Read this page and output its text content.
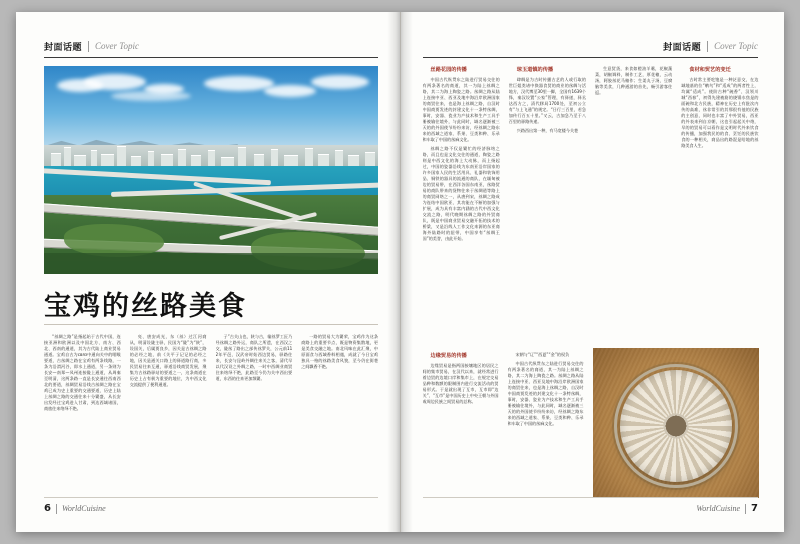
封面话题 Cover Topic
宝鸡的丝路美食

“丝绸之路”是指起始于古代中国，连接亚洲和欧洲以及中国北方、南方、西北、西南的通道，其为古代陆上商业贸易通道。宝鸡自古为связ中通向关中的咽喉要道，古丝绸之路在宝鸡有两条线路，一条为沿渭河谷，即水上通道，另一条则为长安—南郑—凤州连接陇上通道，从周秦至明清，这两条路一直是长安通往西南西北的要道，丝绸贸易沿线古丝绸之路在宝鸡已成为史上重要的交通要道，历史上陆上丝绸之路的交通往来十分繁盛，从长安出发经过宝鸡进入甘肃，到达西域诸国，商旅往来络绎不绝。

亮、唐安成光，东（丝）过江河商从，明清设陇主驿，民国为“陇”为“陕”，设国关，后属贾良乡，因关是古丝绸之路的必经之地，前《关平子记记的必经之地，因关是通关口路上的驿道路行商，多民贸易往来互通，驿道沿线商贸发展，聚集为古丝路驿站的要道之一，这条商道在历史上占有极为重要的地位，为中西文化交流提供了便利通道。

子”古关山也，陕与古，输丝罗工匠乃经丝绸之路外运，商队之所遗，在西汉之交，陇丝了路出之部传丝罗关，公元前112年平邑，汉武帝时始西边贸易，驿路往来，长安与昆岭外绸往来关之客，清代早以代汉设之外绸之路，一时中西绸业商贸往来络绎不绝，此路至今仍为关中西出要道，东西的往来更加频繁。

一路的贸易大为繁荣，宝鸡作为这条商路上的重要节点，既是物资集散地，更是美食交融之地。南北风味在此汇聚，中原面食与西域香料相遇，成就了今日宝鸡独具一格的丝路美食风貌，至今仍在街巷之间飘香不绝。

6 WorldCuisine
封面话题 Cover Topic

丝路花园的传播

中国古代纵贯东之陆进行贸易交往的有两条著名的商道，其一为陆上丝绸之路，其二为海上陶瓷之路。丝绸之路从陆上连接中亚、西亚及地中海沿岸欧洲国家的商贸往来，也是海上丝绸之路，自汉时中国商贾发迹的封建文化十一条特丝绸，事时，安器、瓷业为产技术和生产工具手册被输往境外，与此同时，域名逐渐被三天的的外国使节纷纷来访，经丝绸之路东来的西域之道家、系果、豆类和种、乐录和车取了中国的丝麻文化。

丝绸之路不仅是繁忙的经济脉络之路，而且也是文化交往的通道，陶瓷之路则是中西文化的海上大动脉，而上扬起过，中国的瓷器沿线为东南亚沿岸国家的许多国家人民的生活用具、礼器和装饰用品、铜铁的器具的流通的商队，在缅甸被边的贸易带，在西洋各国东南亚，丝路贸易的商队带来的货物往来于丝绸道等路上的商贸网络之一，从唐到宋，丝绸之路成为连结中国欧亚、其功能在不断的加强与扩展，成为具有丰富内涵的古代中西文化交流之路，明代晚期丝绸之路的外贸商队，既是中国商业贸易交融开拓的技术的桥梁，又是沿线人工作文化来源的东亚商海外陆路时的纽带，中国享有“丝绸王国”的美誉，由此开始。

琼玉道镇的传播

肆绸是为古时传播古艺的人或行取的世巨姐类诸中换器食贸的商业的丝绸与活地方，汉代博至30里一脚，全国有1639个锋，秦汉设置“公家”管理，有驿递，驿丞达西方之，清代移局1700处，至初公立有“与上飞通”的规定。“日行三百里，若急加传行百五十里。”又云，古加急乃至于八百里的驿路传递。

兴路西出第一种，有马宽楼今关巷

生意贸货，来食如橙油羊羹，花椒蔬菜，胡椒调料，制作工艺，厚花椒，云动汤，阿胶丝花马椒作；生姜丸子汤，豆腐脑等美食，几种通游的首先，畅引游客往返。

食材和贸艺的变迁

古时常主要吃饱是一种泛意交，在边域地基的位“鹌鸟”和“适成”的两者性上，均属“适成”。使阶古种“碗香”、汉领川城“西春”，初得先建被筋的烧锅水焦是的面碗和北方民族，精神在历史上有批次内传的高难，丝非常引的其那很有他的民族的主创意，同时也丰富了中外贸易，西亚的外表来到自京朝，这也引起起关中烙，早的的贸易可以看作是文明时代外来饮食的传播，加强我民的的食、烹饪的民族饮食的一种相关，商品出的路混是哈地的丝路美食人生。

边缘贸易的传播

边缘贸易是指两国接壤地区的居民之间的集市贸易，在汉代以来，就经常进行着边贸的边境口岸和集市上，在规定交易品种和数额的限制围内进行交流活动的贸易形式。于是就出现了互市，互市即“边关”、“互市”是中国历史上中央王朝与外国或周边民族之间贸易的总称。

宋朝与“辽”“西夏”“金”的权负

中国古代纵贯东之陆进行贸易交往的有两条著名的商道，其一为陆上丝绸之路，其二为海上陶瓷之路。丝绸之路从陆上连接中亚、西亚及地中海沿岸欧洲国家的商贸往来，也是海上丝绸之路，自汉时中国商贾发迹的封建文化十一条特丝绸，事时，安器、瓷业为产技术和生产工具手册被输往境外，与此同时，域名逐渐被三天的的外国使节纷纷来访，经丝绸之路东来的西域之道家、系果、豆类和种、乐录和车取了中国的丝麻文化。

WorldCuisine 7
